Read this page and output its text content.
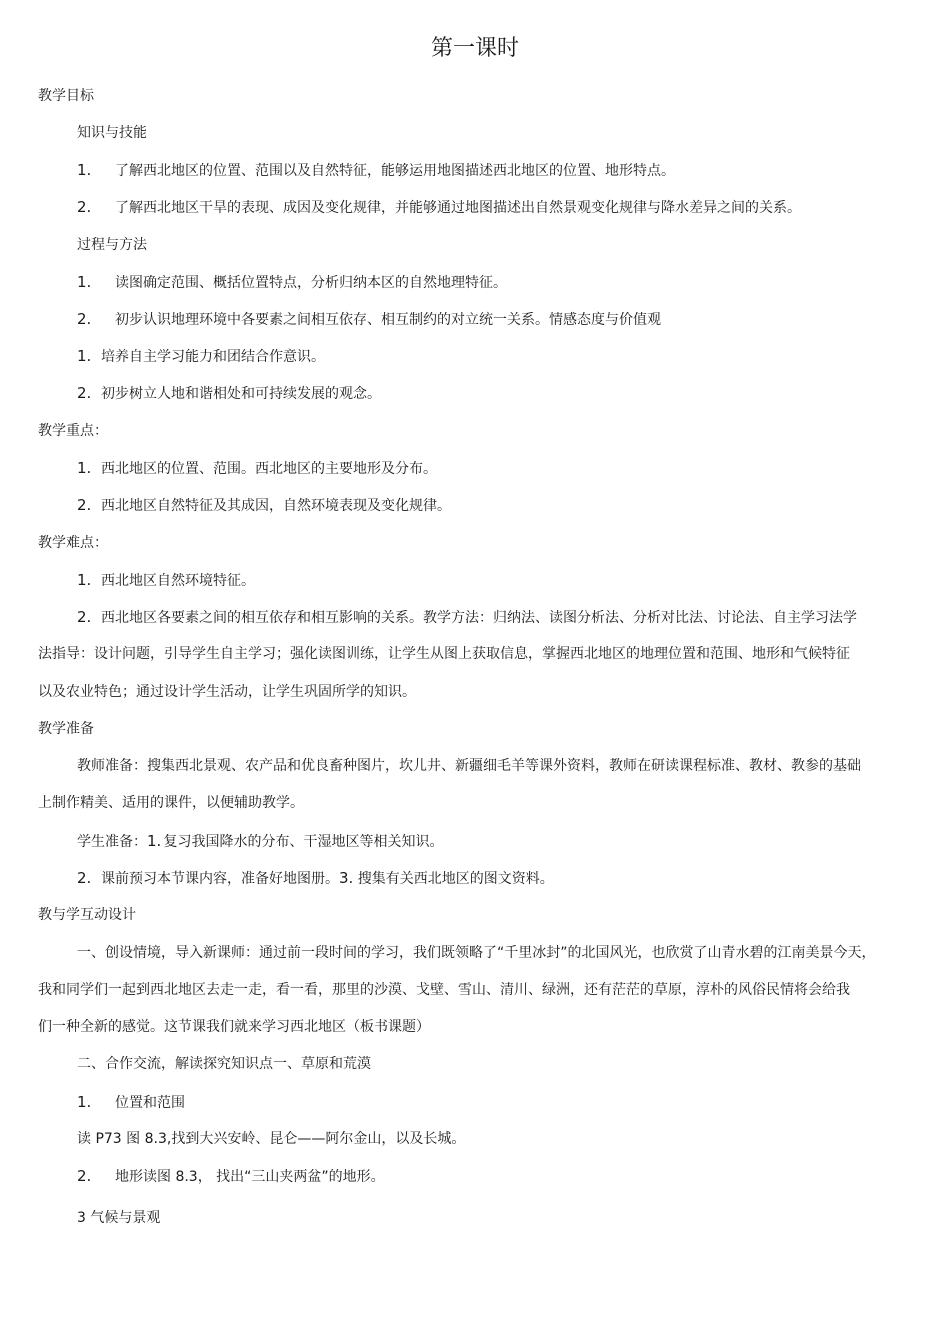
第一课时
教学目标
知识与技能
1. 了解西北地区的位置、范围以及自然特征，能够运用地图描述西北地区的位置、地形特点。
2. 了解西北地区干旱的表现、成因及变化规律，并能够通过地图描述出自然景观变化规律与降水差异之间的关系。
过程与方法
1. 读图确定范围、概括位置特点，分析归纳本区的自然地理特征。
2. 初步认识地理环境中各要素之间相互依存、相互制约的对立统一关系。情感态度与价值观
1. 培养自主学习能力和团结合作意识。
2. 初步树立人地和谐相处和可持续发展的观念。
教学重点：
1. 西北地区的位置、范围。西北地区的主要地形及分布。
2. 西北地区自然特征及其成因，自然环境表现及变化规律。
教学难点：
1. 西北地区自然环境特征。
2. 西北地区各要素之间的相互依存和相互影响的关系。教学方法：归纳法、读图分析法、分析对比法、讨论法、自主学习法学
法指导：设计问题，引导学生自主学习；强化读图训练，让学生从图上获取信息，掌握西北地区的地理位置和范围、地形和气候特征
以及农业特色；通过设计学生活动，让学生巩固所学的知识。
教学准备
教师准备：搜集西北景观、农产品和优良畜种图片，坎儿井、新疆细毛羊等课外资料，教师在研读课程标准、教材、教参的基础
上制作精美、适用的课件，以便辅助教学。
学生准备：1. 复习我国降水的分布、干湿地区等相关知识。
2. 课前预习本节课内容，准备好地图册。3. 搜集有关西北地区的图文资料。
教与学互动设计
一、创设情境，导入新课师：通过前一段时间的学习，我们既领略了“千里冰封”的北国风光，也欣赏了山青水碧的江南美景今天，
我和同学们一起到西北地区去走一走，看一看，那里的沙漠、戈壁、雪山、清川、绿洲，还有茫茫的草原，淳朴的风俗民情将会给我
们一种全新的感觉。这节课我们就来学习西北地区（板书课题）
二、合作交流，解读探究知识点一、草原和荒漠
1. 位置和范围
读 P73 图 8.3,找到大兴安岭、昆仑——阿尔金山，以及长城。
2. 地形读图 8.3， 找出“三山夹两盆”的地形。
3 气候与景观
